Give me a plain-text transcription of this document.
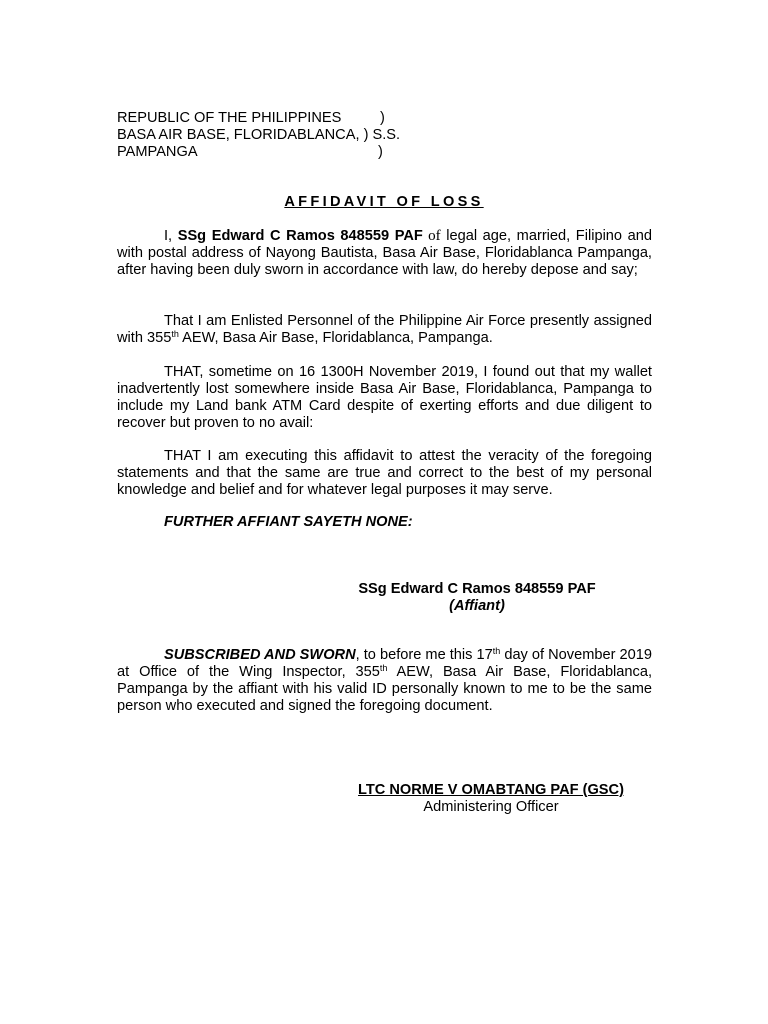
REPUBLIC OF THE PHILIPPINES	)
BASA AIR BASE, FLORIDABLANCA, ) S.S.
PAMPANGA	)
AFFIDAVIT OF LOSS

I, SSg Edward C Ramos 848559 PAF of legal age, married, Filipino and with postal address of Nayong Bautista, Basa Air Base, Floridablanca Pampanga, after having been duly sworn in accordance with law, do hereby depose and say;

That I am Enlisted Personnel of the Philippine Air Force presently assigned with 355th AEW, Basa Air Base, Floridablanca, Pampanga.

THAT, sometime on 16 1300H November 2019, I found out that my wallet inadvertently lost somewhere inside Basa Air Base, Floridablanca, Pampanga to include my Land bank ATM Card despite of exerting efforts and due diligent to recover but proven to no avail:

THAT I am executing this affidavit to attest the veracity of the foregoing statements and that the same are true and correct to the best of my personal knowledge and belief and for whatever legal purposes it may serve.

FURTHER AFFIANT SAYETH NONE:
SSg Edward C Ramos 848559 PAF
(Affiant)

SUBSCRIBED AND SWORN, to before me this 17th day of November 2019 at Office of the Wing Inspector, 355th AEW, Basa Air Base, Floridablanca, Pampanga by the affiant with his valid ID personally known to me to be the same person who executed and signed the foregoing document.

LTC NORME V OMABTANG PAF (GSC)
Administering Officer
